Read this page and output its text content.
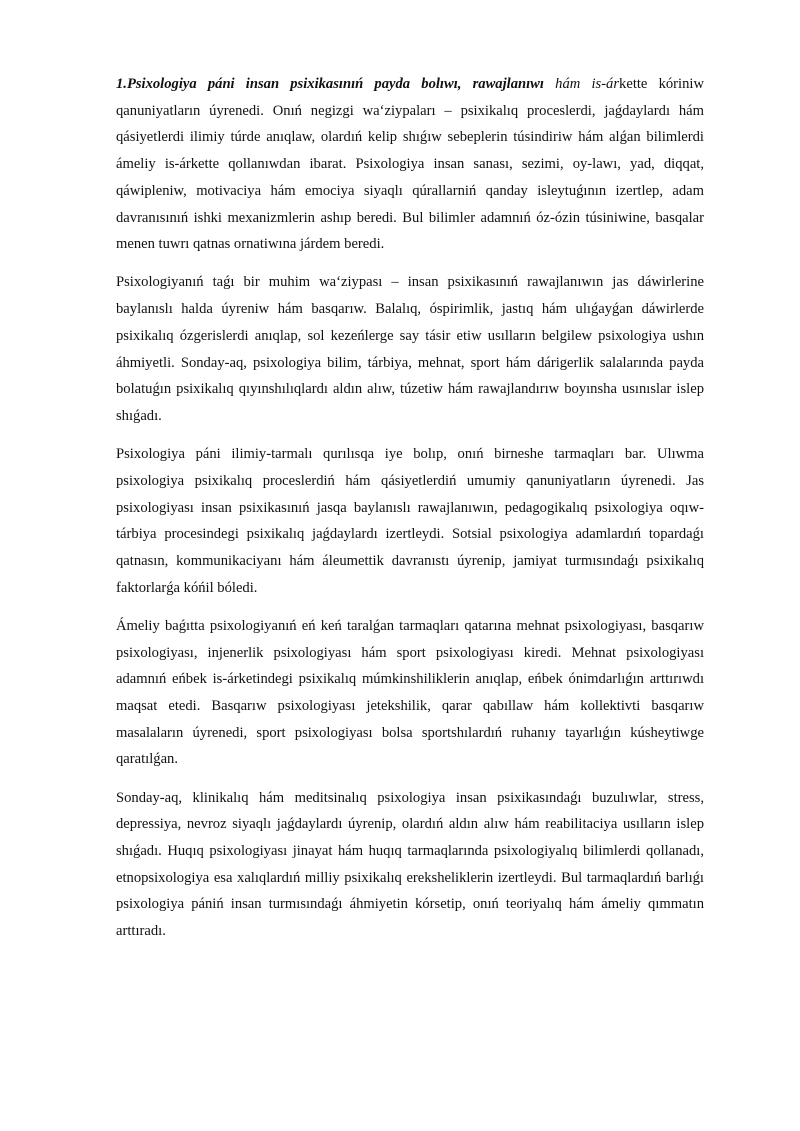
1.Psixologiya páni insan psixikasınıń payda bolıwı, rawajlanıwı hám is-árkette kóriniw qanuniyatların úyrenedi. Onıń negizgi wa‘ziypaları – psixikalıq proceslerdi, jaǵdaylardı hám qásiyetlerdi ilimiy túrde anıqlaw, olardıń kelip shıǵıw sebeplerin túsindiriw hám alǵan bilimlerdi ámeliy is-árkette qollanıwdan ibarat. Psixologiya insan sanası, sezimi, oy-lawı, yad, diqqat, qáwipleniw, motivaciya hám emociya siyaqlı qúrallarniń qanday isleytuǵının izertlep, adam davranısınıń ishki mexanizmlerin ashıp beredi. Bul bilimler adamnıń óz-ózin túsiniwine, basqalar menen tuwrı qatnas ornatiwına járdem beredi.

Psixologiyanıń taǵı bir muhim wa‘ziypası – insan psixikasınıń rawajlanıwın jas dáwirlerine baylanıslı halda úyreniw hám basqarıw. Balalıq, óspirimlik, jastıq hám ulıǵayǵan dáwirlerde psixikalıq ózgerislerdi anıqlap, sol kezeńlerge say tásir etiw usılların belgilew psixologiya ushın áhmiyetli. Sonday-aq, psixologiya bilim, tárbiya, mehnat, sport hám dárigerlik salalarında payda bolatuǵın psixikalıq qıyınshılıqlardı aldın alıw, túzetiw hám rawajlandırıw boyınsha usınıslar islep shıǵadı.

Psixologiya páni ilimiy-tarmalı qurılısqa iye bolıp, onıń birneshe tarmaqları bar. Ulıwma psixologiya psixikalıq proceslerdiń hám qásiyetlerdiń umumiy qanuniyatların úyrenedi. Jas psixologiyası insan psixikasınıń jasqa baylanıslı rawajlanıwın, pedagogikalıq psixologiya oqıw-tárbiya procesindegi psixikalıq jaǵdaylardı izertleydi. Sotsial psixologiya adamlardıń topardaǵı qatnasın, kommunikaciyanı hám áleumettik davranıstı úyrenip, jamiyat turmısındaǵı psixikalıq faktorlarǵa kóńil bóledi.

Ámeliy baǵıtta psixologiyanıń eń keń taralǵan tarmaqları qatarına mehnat psixologiyası, basqarıw psixologiyası, injenerlik psixologiyası hám sport psixologiyası kiredi. Mehnat psixologiyası adamnıń eńbek is-árketindegi psixikalıq múmkinshiliklerin anıqlap, eńbek ónimdarlıǵın arttırıwdı maqsat etedi. Basqarıw psixologiyası jetekshilik, qarar qabıllaw hám kollektivti basqarıw masalaların úyrenedi, sport psixologiyası bolsa sportshılardıń ruhanıy tayarlıǵın kúsheytiwge qaratılǵan.

Sonday-aq, klinikalıq hám meditsinalıq psixologiya insan psixikasındaǵı buzulıwlar, stress, depressiya, nevroz siyaqlı jaǵdaylardı úyrenip, olardıń aldın alıw hám reabilitaciya usılların islep shıǵadı. Huqıq psixologiyası jinayat hám huqıq tarmaqlarında psixologiyalıq bilimlerdi qollanadı, etnopsixologiya esa xalıqlardıń milliy psixikalıq ereksheliklerin izertleydi. Bul tarmaqlardıń barlıǵı psixologiya pániń insan turmısındaǵı áhmiyetin kórsetip, onıń teoriyalıq hám ámeliy qımmatın arttıradı.
